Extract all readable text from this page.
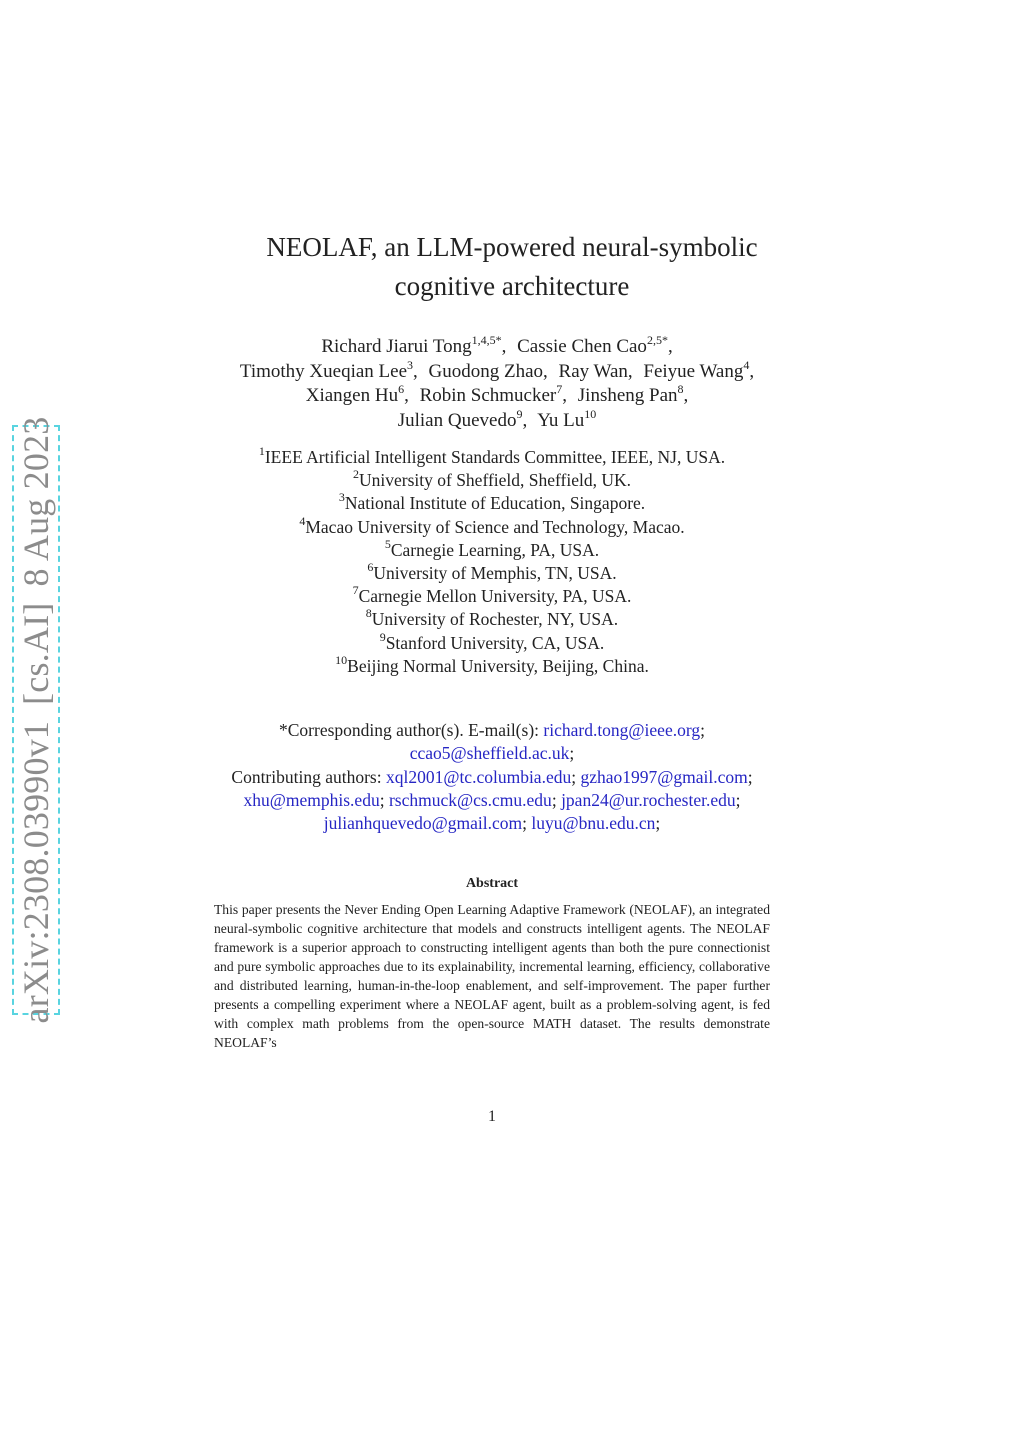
arXiv:2308.03990v1[cs.AI]8 Aug 2023
NEOLAF, an LLM-powered neural-symbolic
cognitive architecture
Richard Jiarui Tong$^{1,4,5*}$, Cassie Chen Cao$^{2,5*}$,
Timothy Xueqian Lee$^3$, Guodong Zhao, Ray Wan, Feiyue Wang$^4$,
Xiangen Hu$^6$, Robin Schmucker$^7$, Jinsheng Pan$^8$,
Julian Quevedo$^9$, Yu Lu$^{10}$
$^1$IEEE Artificial Intelligent Standards Committee, IEEE, NJ, USA.
$^2$University of Sheffield, Sheffield, UK.
$^3$National Institute of Education, Singapore.
$^4$Macao University of Science and Technology, Macao.
$^5$Carnegie Learning, PA, USA.
$^6$University of Memphis, TN, USA.
$^7$Carnegie Mellon University, PA, USA.
$^8$University of Rochester, NY, USA.
$^9$Stanford University, CA, USA.
$^{10}$Beijing Normal University, Beijing, China.
*Corresponding author(s). E-mail(s): richard.tong@ieee.org;
ccao5@sheffield.ac.uk;
Contributing authors: xql2001@tc.columbia.edu; gzhao1997@gmail.com;
xhu@memphis.edu; rschmuck@cs.cmu.edu; jpan24@ur.rochester.edu;
julianhquevedo@gmail.com; luyu@bnu.edu.cn;
Abstract
This paper presents the Never Ending Open Learning Adaptive Framework (NEOLAF), an integrated neural-symbolic cognitive architecture that models and constructs intelligent agents. The NEOLAF framework is a superior approach to constructing intelligent agents than both the pure connectionist and pure symbolic approaches due to its explainability, incremental learning, efficiency, collaborative and distributed learning, human-in-the-loop enablement, and self-improvement. The paper further presents a compelling experiment where a NEOLAF agent, built as a problem-solving agent, is fed with complex math problems from the open-source MATH dataset. The results demonstrate NEOLAF’s
1
